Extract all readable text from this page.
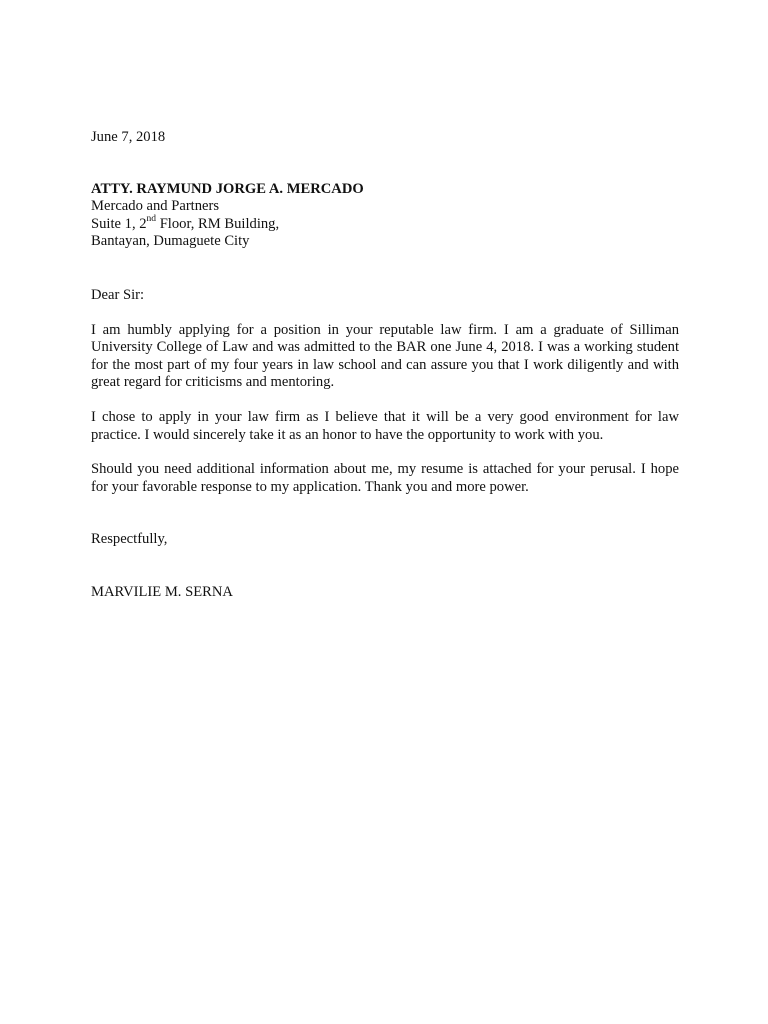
June 7, 2018
ATTY. RAYMUND JORGE A. MERCADO
Mercado and Partners
Suite 1, 2nd Floor, RM Building,
Bantayan, Dumaguete City
Dear Sir:

I am humbly applying for a position in your reputable law firm. I am a graduate of Silliman University College of Law and was admitted to the BAR one June 4, 2018. I was a working student for the most part of my four years in law school and can assure you that I work diligently and with great regard for criticisms and mentoring.

I chose to apply in your law firm as I believe that it will be a very good environment for law practice. I would sincerely take it as an honor to have the opportunity to work with you.

Should you need additional information about me, my resume is attached for your perusal. I hope for your favorable response to my application. Thank you and more power.

Respectfully,
MARVILIE M. SERNA
